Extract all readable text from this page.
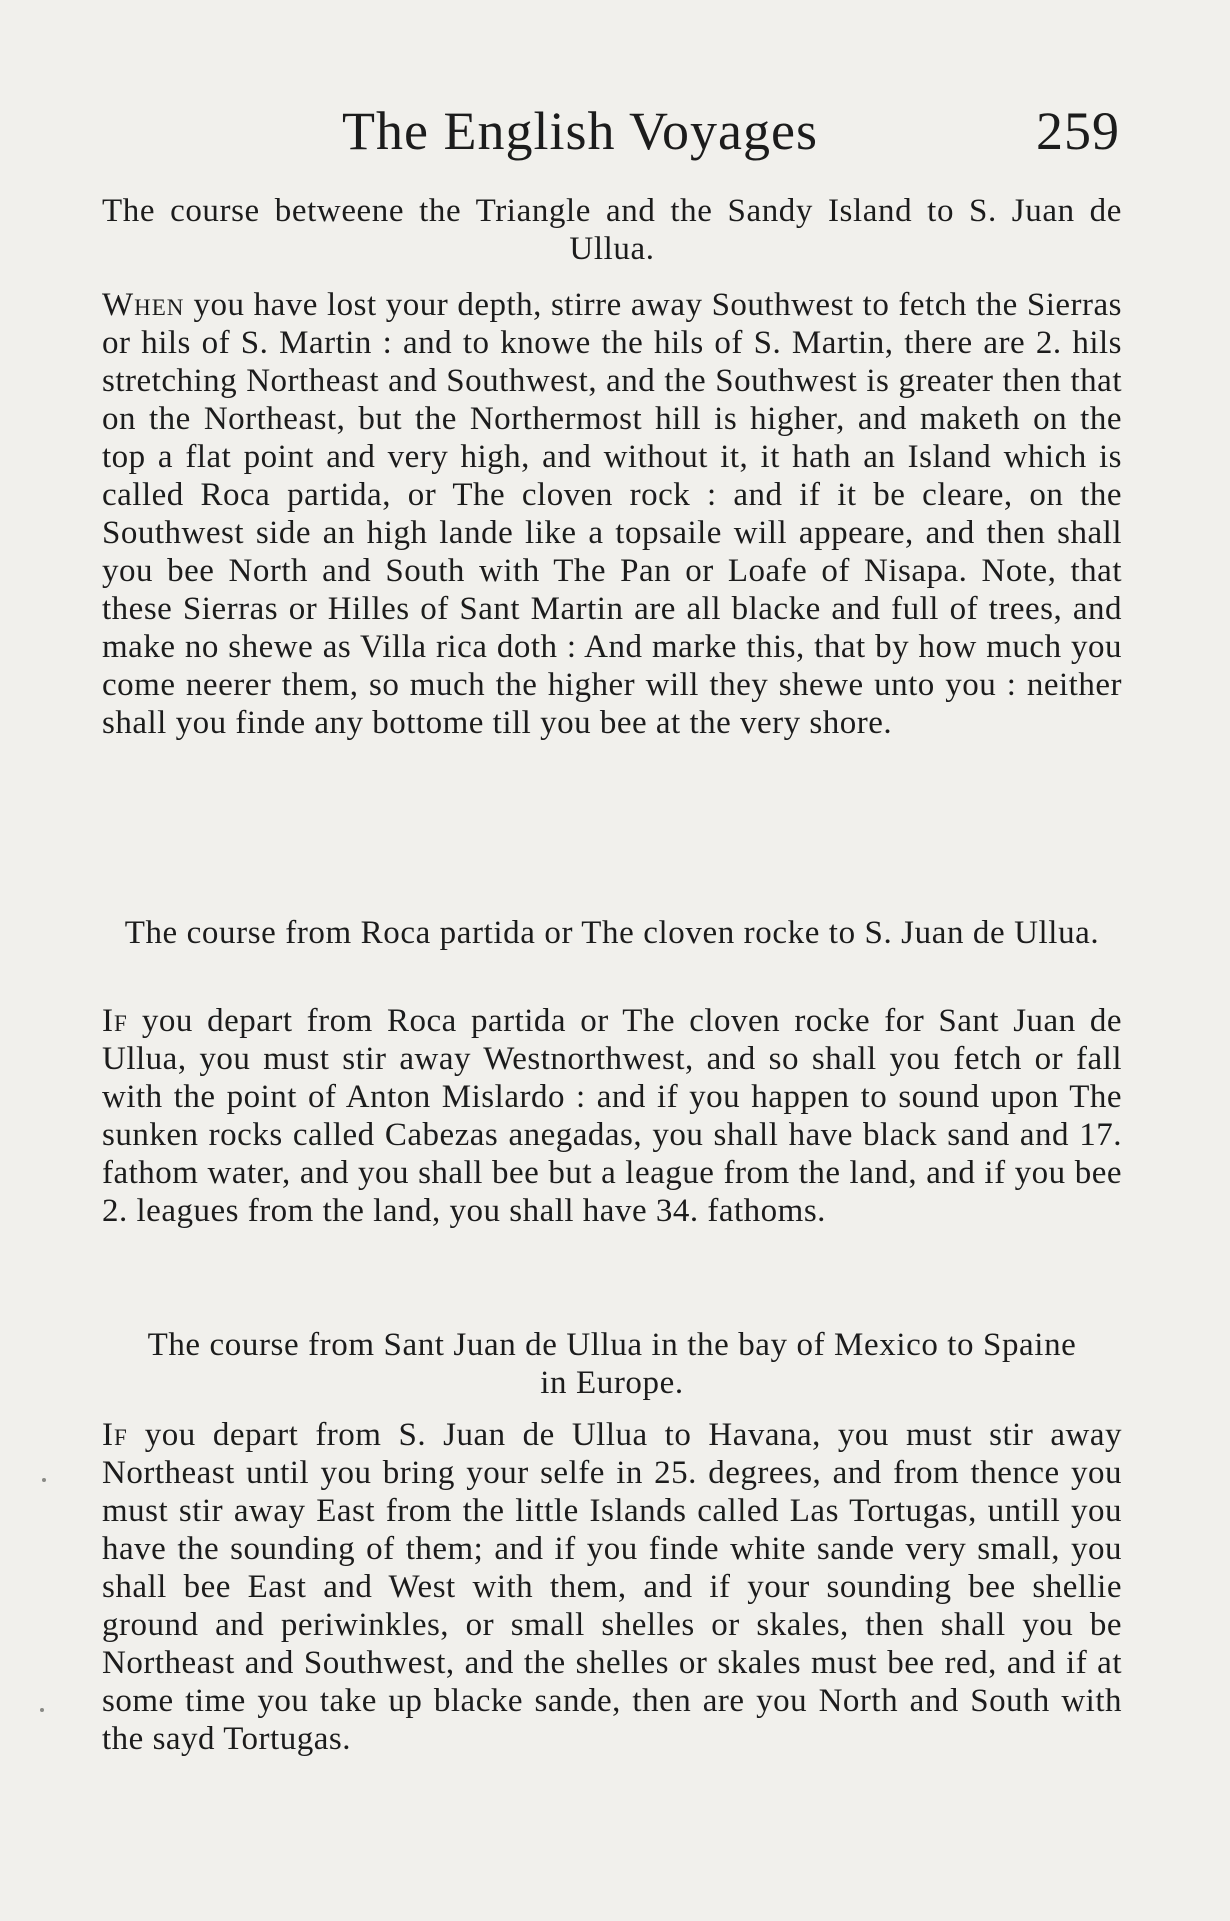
The English Voyages	259

The course betweene the Triangle and the Sandy Island to S. Juan de Ullua.

When you have lost your depth, stirre away Southwest to fetch the Sierras or hils of S. Martin : and to knowe the hils of S. Martin, there are 2. hils stretching Northeast and Southwest, and the Southwest is greater then that on the Northeast, but the Northermost hill is higher, and maketh on the top a flat point and very high, and without it, it hath an Island which is called Roca partida, or The cloven rock : and if it be cleare, on the Southwest side an high lande like a topsaile will appeare, and then shall you bee North and South with The Pan or Loafe of Nisapa. Note, that these Sierras or Hilles of Sant Martin are all blacke and full of trees, and make no shewe as Villa rica doth : And marke this, that by how much you come neerer them, so much the higher will they shewe unto you : neither shall you finde any bottome till you bee at the very shore.

The course from Roca partida or The cloven rocke to S. Juan de Ullua.

If you depart from Roca partida or The cloven rocke for Sant Juan de Ullua, you must stir away Westnorthwest, and so shall you fetch or fall with the point of Anton Mislardo : and if you happen to sound upon The sunken rocks called Cabezas anegadas, you shall have black sand and 17. fathom water, and you shall bee but a league from the land, and if you bee 2. leagues from the land, you shall have 34. fathoms.

The course from Sant Juan de Ullua in the bay of Mexico to Spaine in Europe.

If you depart from S. Juan de Ullua to Havana, you must stir away Northeast until you bring your selfe in 25. degrees, and from thence you must stir away East from the little Islands called Las Tortugas, untill you have the sounding of them; and if you finde white sande very small, you shall bee East and West with them, and if your sounding bee shellie ground and periwinkles, or small shelles or skales, then shall you be Northeast and Southwest, and the shelles or skales must bee red, and if at some time you take up blacke sande, then are you North and South with the sayd Tortugas.
